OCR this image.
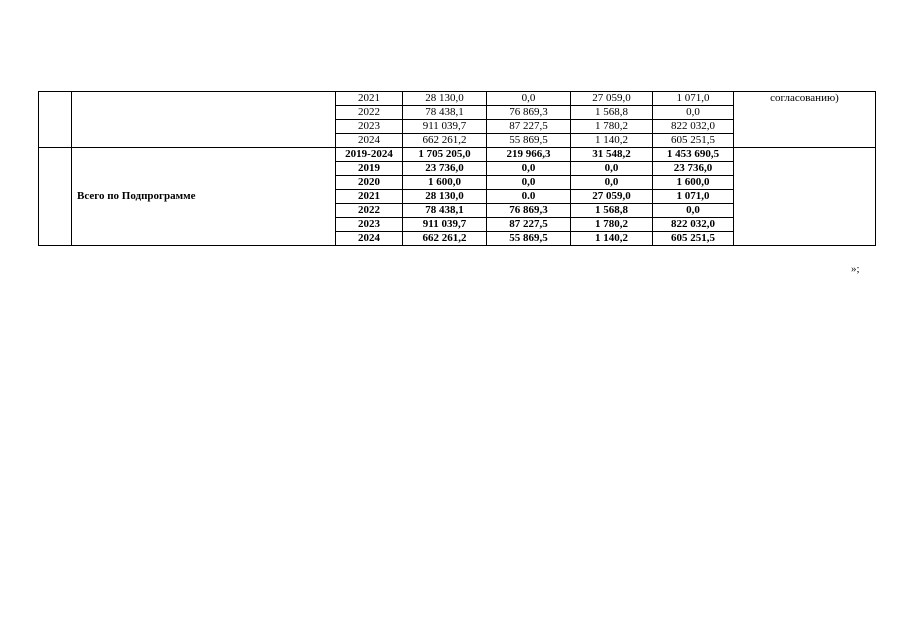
		2021	28 130,0	0,0	27 059,0	1 071,0	согласованию)
		2022	78 438,1	76 869,3	1 568,8	0,0	
		2023	911 039,7	87 227,5	1 780,2	822 032,0	
		2024	662 261,2	55 869,5	1 140,2	605 251,5	
	Всего по Подпрограмме	2019-2024	1 705 205,0	219 966,3	31 548,2	1 453 690,5	
		2019	23 736,0	0,0	0,0	23 736,0	
		2020	1 600,0	0,0	0,0	1 600,0	
		2021	28 130,0	0.0	27 059,0	1 071,0	
		2022	78 438,1	76 869,3	1 568,8	0,0	
		2023	911 039,7	87 227,5	1 780,2	822 032,0	
		2024	662 261,2	55 869,5	1 140,2	605 251,5	
»;
